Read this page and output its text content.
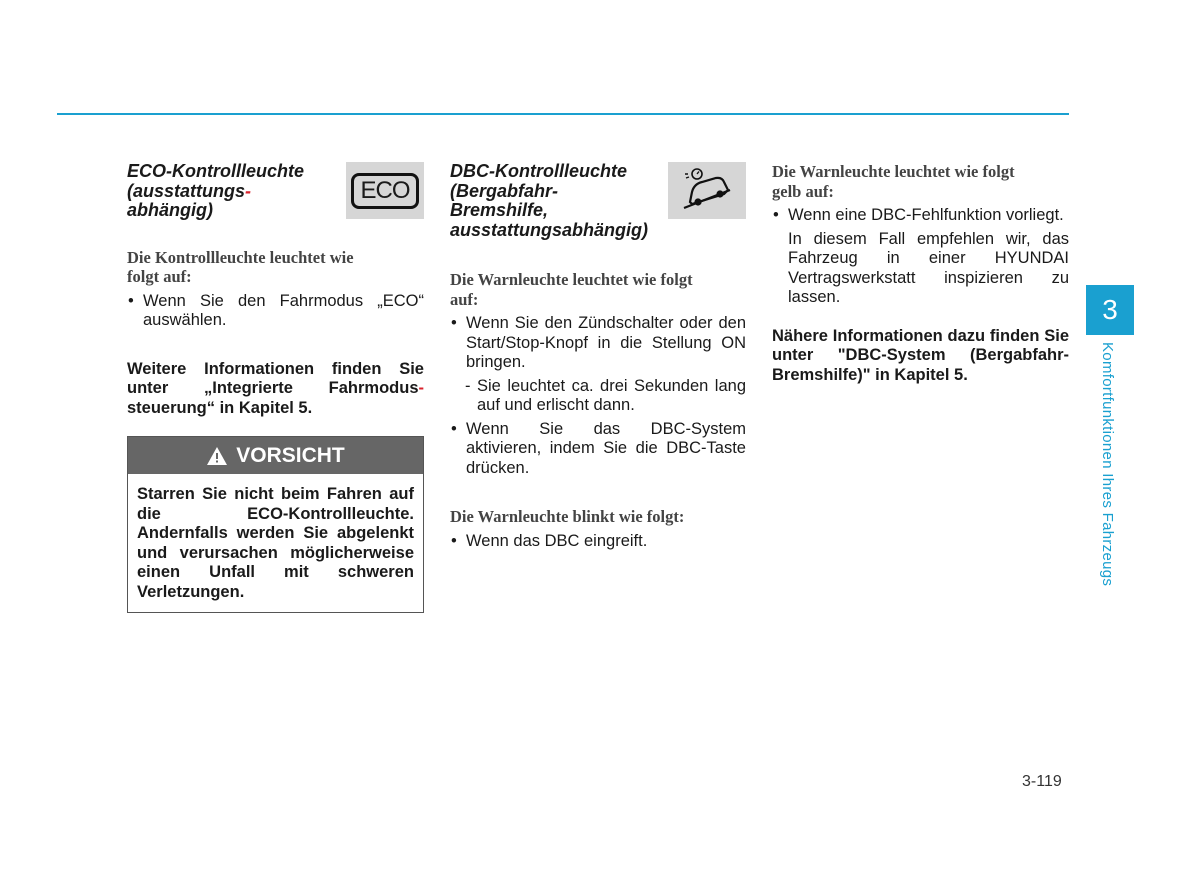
ECO-Kontrollleuchte
(ausstattungs-
abhängig)
ECO
Die Kontrollleuchte leuchtet wie
folgt auf:
• Wenn Sie den Fahrmodus „ECO“ auswählen.
Weitere Informationen finden Sie
unter „Integrierte Fahrmodus-
steuerung“ in Kapitel 5.
VORSICHT
Starren Sie nicht beim Fahren auf die ECO-Kontrollleuchte. Andernfalls werden Sie abgelenkt und verursachen möglicherweise einen Unfall mit schweren Verletzungen.
DBC-Kontrollleuchte
(Bergabfahr-
Bremshilfe,
ausstattungsabhängig)
Die Warnleuchte leuchtet wie folgt
auf:
• Wenn Sie den Zündschalter oder den Start/Stop-Knopf in die Stellung ON bringen.
- Sie leuchtet ca. drei Sekunden lang auf und erlischt dann.
• Wenn Sie das DBC-System aktivieren, indem Sie die DBC-Taste drücken.
Die Warnleuchte blinkt wie folgt:
• Wenn das DBC eingreift.
Die Warnleuchte leuchtet wie folgt
gelb auf:
• Wenn eine DBC-Fehlfunktion vorliegt.
In diesem Fall empfehlen wir, das Fahrzeug in einer HYUNDAI Vertragswerkstatt inspizieren zu lassen.
Nähere Informationen dazu finden Sie unter "DBC-System (Bergabfahr- Bremshilfe)" in Kapitel 5.
3
Komfortfunktionen Ihres Fahrzeugs
3-119
